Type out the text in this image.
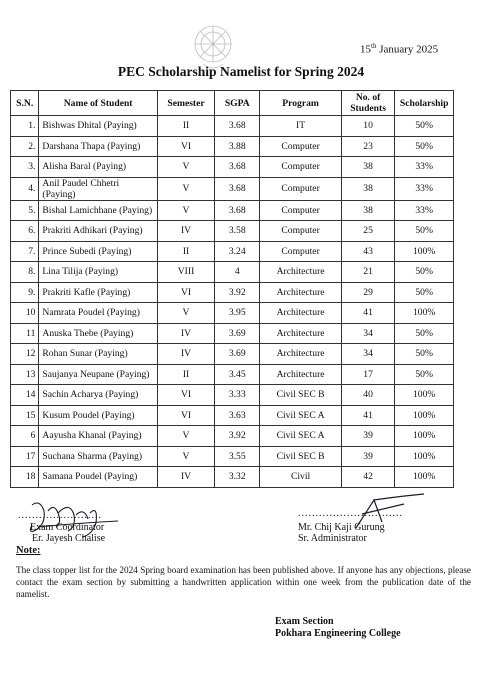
15th January 2025
PEC Scholarship Namelist for Spring 2024
S.N.	Name of Student	Semester	SGPA	Program	No. of Students	Scholarship
1.	Bishwas Dhital (Paying)	II	3.68	IT	10	50%
2.	Darshana Thapa (Paying)	VI	3.88	Computer	23	50%
3.	Alisha Baral (Paying)	V	3.68	Computer	38	33%
4.	Anil Paudel Chhetri (Paying)	V	3.68	Computer	38	33%
5.	Bishal Lamichhane (Paying)	V	3.68	Computer	38	33%
6.	Prakriti Adhikari (Paying)	IV	3.58	Computer	25	50%
7.	Prince Subedi (Paying)	II	3.24	Computer	43	100%
8.	Lina Tilija (Paying)	VIII	4	Architecture	21	50%
9.	Prakriti Kafle (Paying)	VI	3.92	Architecture	29	50%
10	Namrata Poudel (Paying)	V	3.95	Architecture	41	100%
11	Anuska Thebe (Paying)	IV	3.69	Architecture	34	50%
12	Rohan Sunar (Paying)	IV	3.69	Architecture	34	50%
13	Saujanya Neupane (Paying)	II	3.45	Architecture	17	50%
14	Sachin Acharya (Paying)	VI	3.33	Civil SEC B	40	100%
15	Kusum Poudel (Paying)	VI	3.63	Civil SEC A	41	100%
6	Aayusha Khanal (Paying)	V	3.92	Civil SEC A	39	100%
17	Suchana Sharma (Paying)	V	3.55	Civil SEC B	39	100%
18	Samana Poudel (Paying)	IV	3.32	Civil	42	100%
........................	..............................
Exam Coordinator
Er. Jayesh Chalise
Mr. Chij Kaji Gurung
Sr. Administrator
Note:
The class topper list for the 2024 Spring board examination has been published above. If anyone has any objections, please contact the exam section by submitting a handwritten application within one week from the publication date of the namelist.
Exam Section
Pokhara Engineering College
